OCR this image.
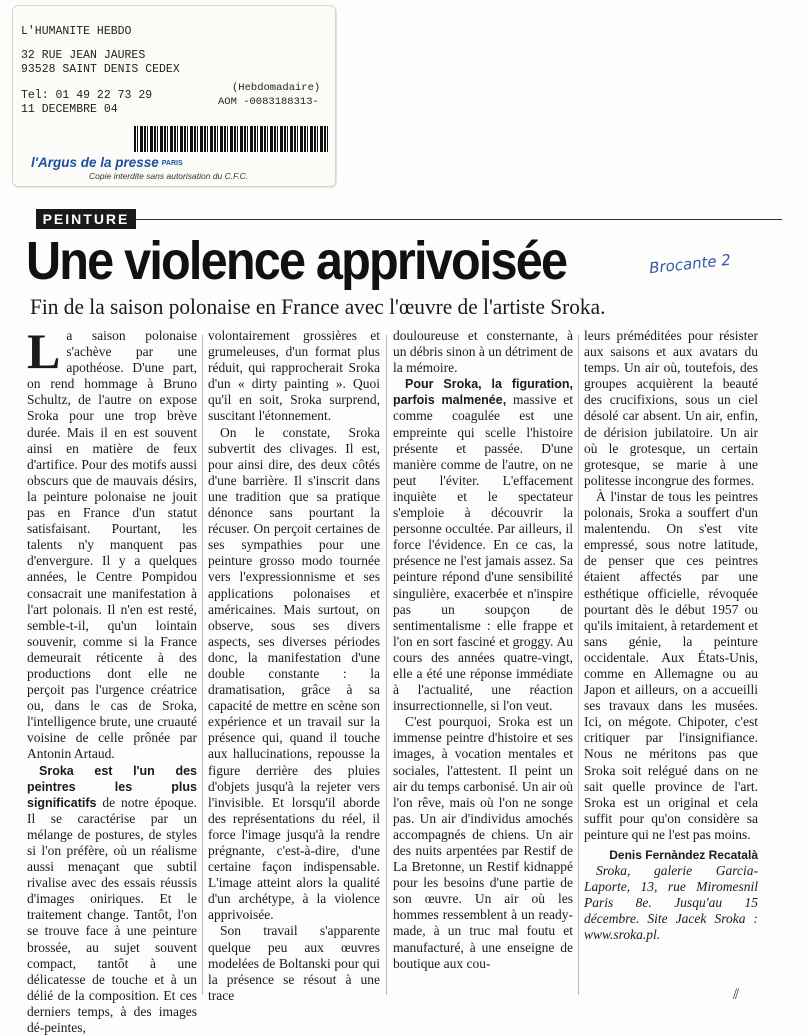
L'HUMANITE HEBDO
32 RUE JEAN JAURES
93528 SAINT DENIS CEDEX
Tel: 01 49 22 73 29
(Hebdomadaire)
11 DECEMBRE 04
AOM -0083188313-
l'Argus de la presse PARIS
Copie interdite sans autorisation du C.F.C.
PEINTURE
Une violence apprivoisée	Brocante 2
Fin de la saison polonaise en France avec l'œuvre de l'artiste Sroka.

La saison polonaise s'achève par une apothéose. D'une part, on rend hommage à Bruno Schultz, de l'autre on expose Sroka pour une trop brève durée. Mais il en est souvent ainsi en matière de feux d'artifice. Pour des motifs aussi obscurs que de mauvais désirs, la peinture polonaise ne jouit pas en France d'un statut satisfaisant. Pourtant, les talents n'y manquent pas d'envergure. Il y a quelques années, le Centre Pompidou consacrait une manifestation à l'art polonais. Il n'en est resté, semble-t-il, qu'un lointain souvenir, comme si la France demeurait réticente à des productions dont elle ne perçoit pas l'urgence créatrice ou, dans le cas de Sroka, l'intelligence brute, une cruauté voisine de celle prônée par Antonin Artaud.

Sroka est l'un des peintres les plus significatifs de notre époque. Il se caractérise par un mélange de postures, de styles si l'on préfère, où un réalisme aussi menaçant que subtil rivalise avec des essais réussis d'images oniriques. Et le traitement change. Tantôt, l'on se trouve face à une peinture brossée, au sujet souvent compact, tantôt à une délicatesse de touche et à un délié de la composition. Et ces derniers temps, à des images dé-peintes,

volontairement grossières et grumeleuses, d'un format plus réduit, qui rapprocherait Sroka d'un « dirty painting ». Quoi qu'il en soit, Sroka surprend, suscitant l'étonnement.

On le constate, Sroka subvertit des clivages. Il est, pour ainsi dire, des deux côtés d'une barrière. Il s'inscrit dans une tradition que sa pratique dénonce sans pourtant la récuser. On perçoit certaines de ses sympathies pour une peinture grosso modo tournée vers l'expressionnisme et ses applications polonaises et américaines. Mais surtout, on observe, sous ses divers aspects, ses diverses périodes donc, la manifestation d'une double constante : la dramatisation, grâce à sa capacité de mettre en scène son expérience et un travail sur la présence qui, quand il touche aux hallucinations, repousse la figure derrière des pluies d'objets jusqu'à la rejeter vers l'invisible. Et lorsqu'il aborde des représentations du réel, il force l'image jusqu'à la rendre prégnante, c'est-à-dire, d'une certaine façon indispensable. L'image atteint alors la qualité d'un archétype, à la violence apprivoisée.

Son travail s'apparente quelque peu aux œuvres modelées de Boltanski pour qui la présence se résout à une trace

douloureuse et consternante, à un débris sinon à un détriment de la mémoire.

Pour Sroka, la figuration, parfois malmenée, massive et comme coagulée est une empreinte qui scelle l'histoire présente et passée. D'une manière comme de l'autre, on ne peut l'éviter. L'effacement inquiète et le spectateur s'emploie à découvrir la personne occultée. Par ailleurs, il force l'évidence. En ce cas, la présence ne l'est jamais assez. Sa peinture répond d'une sensibilité singulière, exacerbée et n'inspire pas un soupçon de sentimentalisme : elle frappe et l'on en sort fasciné et groggy. Au cours des années quatre-vingt, elle a été une réponse immédiate à l'actualité, une réaction insurrectionnelle, si l'on veut.

C'est pourquoi, Sroka est un immense peintre d'histoire et ses images, à vocation mentales et sociales, l'attestent. Il peint un air du temps carbonisé. Un air où l'on rêve, mais où l'on ne songe pas. Un air d'individus amochés accompagnés de chiens. Un air des nuits arpentées par Restif de La Bretonne, un Restif kidnappé pour les besoins d'une partie de son œuvre. Un air où les hommes ressemblent à un ready-made, à un truc mal foutu et manufacturé, à une enseigne de boutique aux cou-

leurs préméditées pour résister aux saisons et aux avatars du temps. Un air où, toutefois, des groupes acquièrent la beauté des crucifixions, sous un ciel désolé car absent. Un air, enfin, de dérision jubilatoire. Un air où le grotesque, un certain grotesque, se marie à une politesse incongrue des formes.

À l'instar de tous les peintres polonais, Sroka a souffert d'un malentendu. On s'est vite empressé, sous notre latitude, de penser que ces peintres étaient affectés par une esthétique officielle, révoquée pourtant dès le début 1957 ou qu'ils imitaient, à retardement et sans génie, la peinture occidentale. Aux États-Unis, comme en Allemagne ou au Japon et ailleurs, on a accueilli ses travaux dans les musées. Ici, on mégote. Chipoter, c'est critiquer par l'insignifiance. Nous ne méritons pas que Sroka soit relégué dans on ne sait quelle province de l'art. Sroka est un original et cela suffit pour qu'on considère sa peinture qui ne l'est pas moins.

Denis Fernàndez Recatalà

Sroka, galerie Garcia-Laporte, 13, rue Miromesnil Paris 8e. Jusqu'au 15 décembre. Site Jacek Sroka : www.sroka.pl.

⫽
